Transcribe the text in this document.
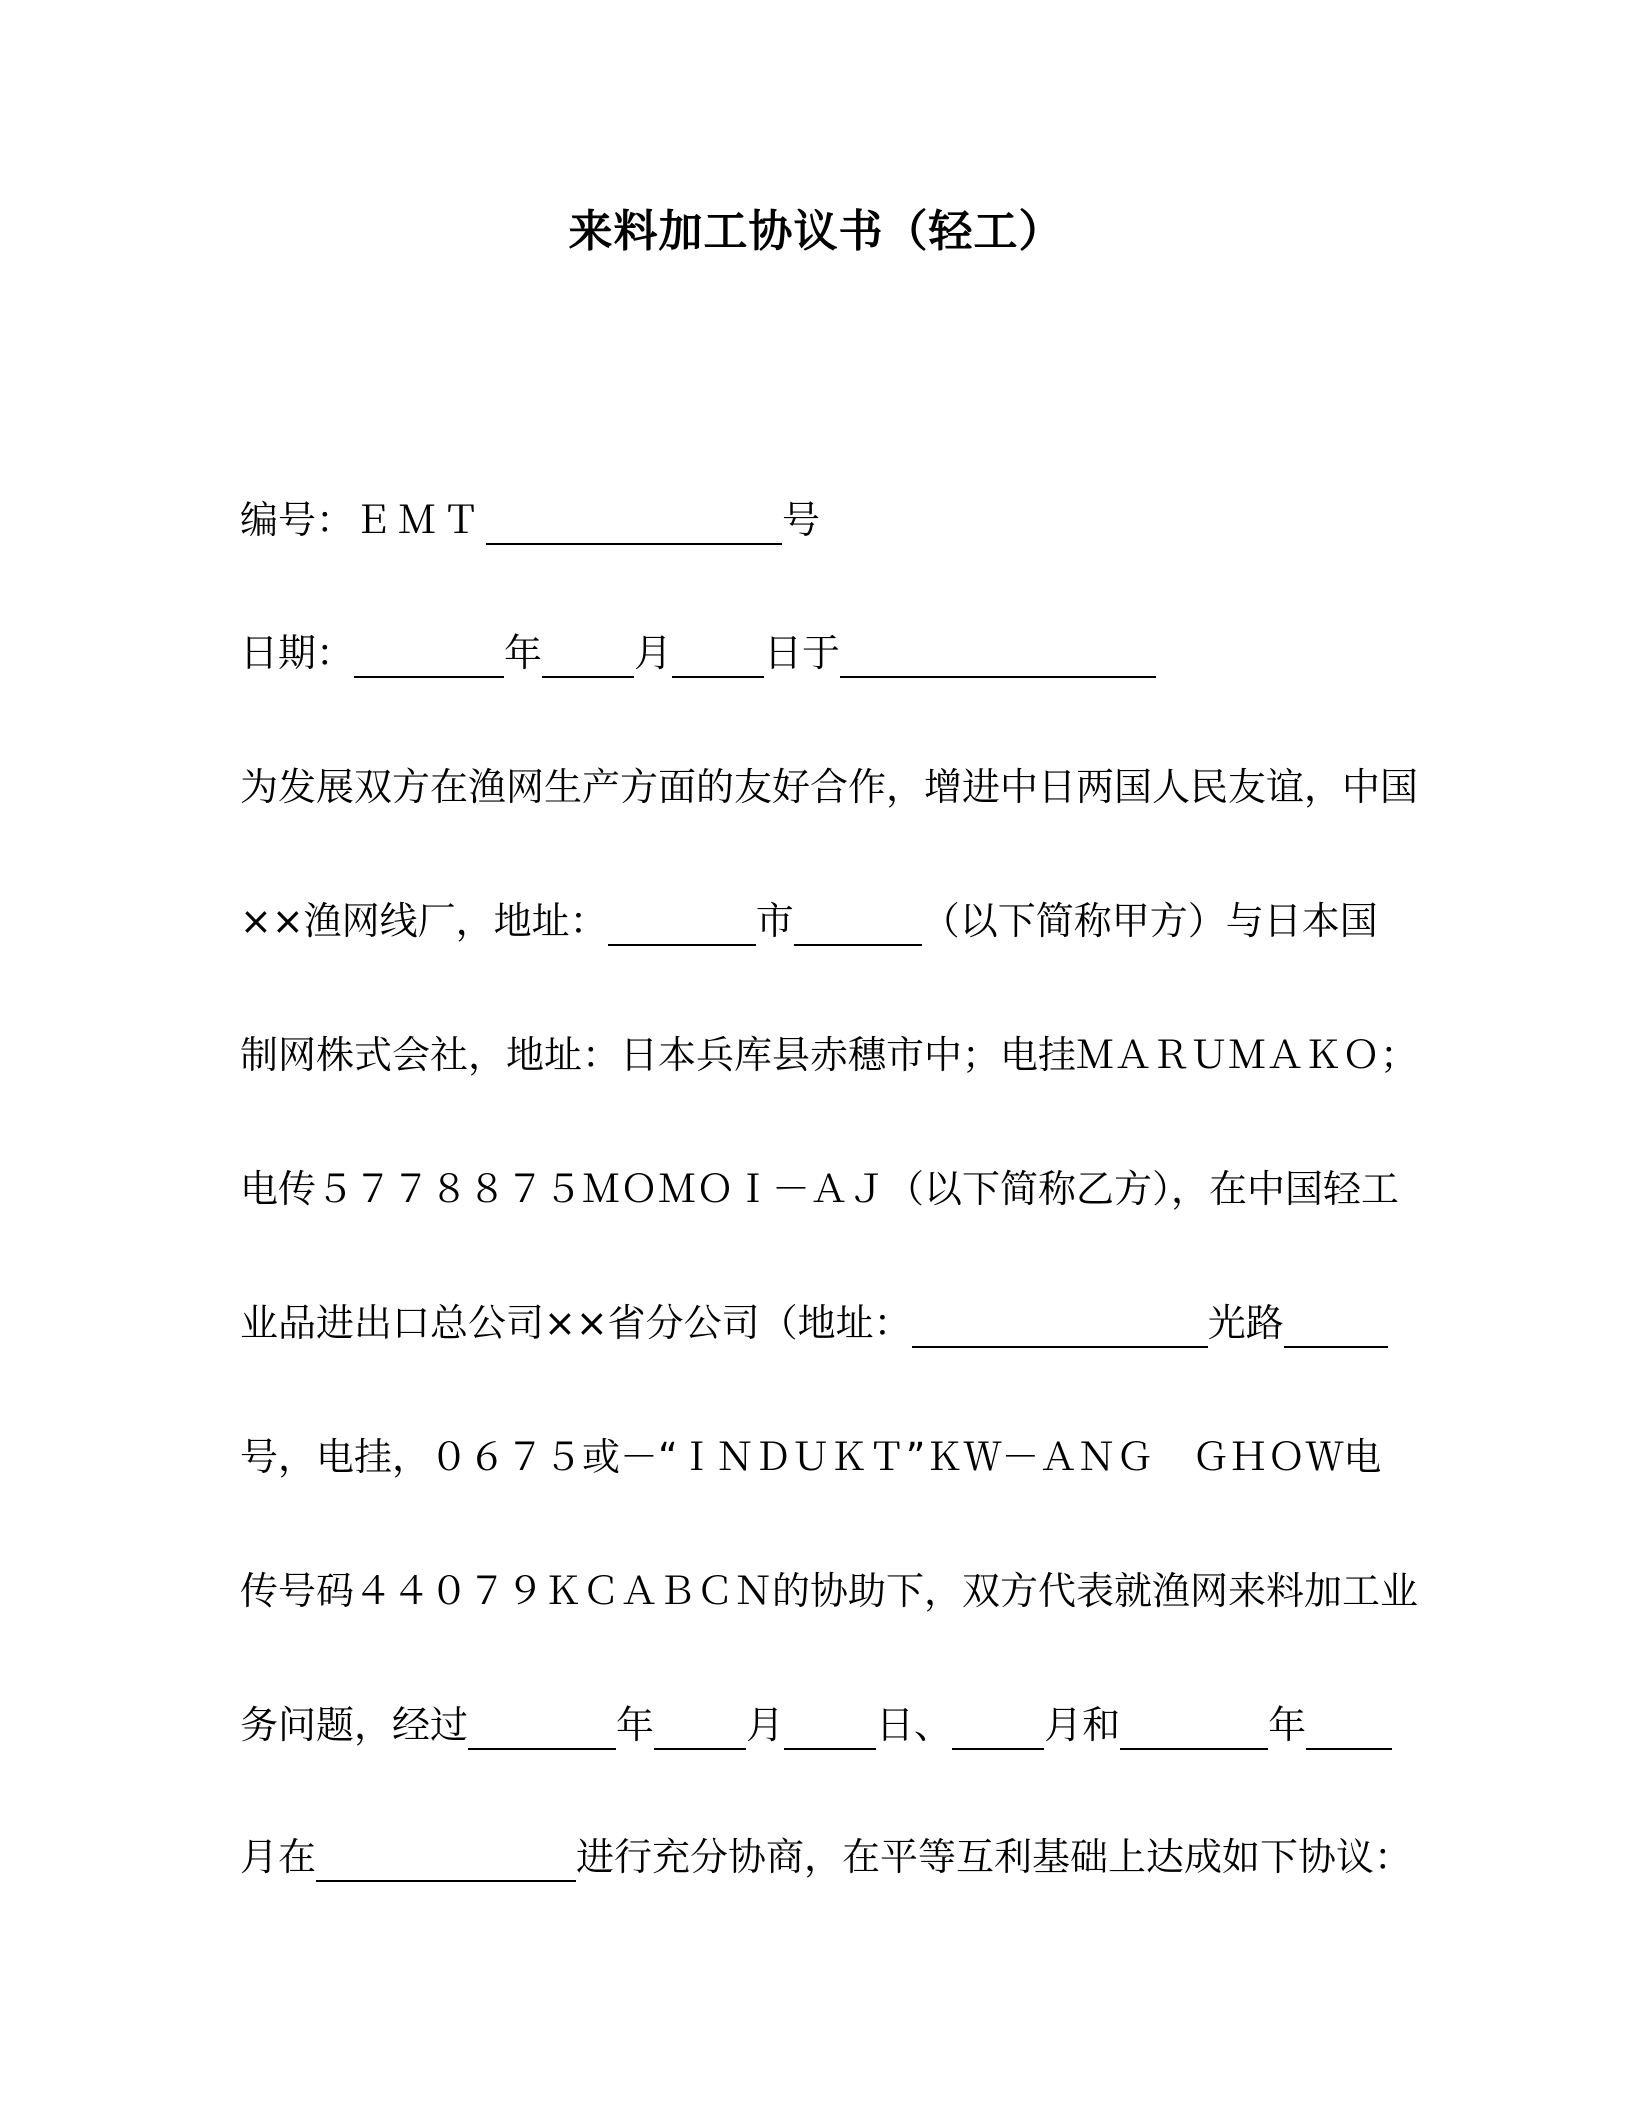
来料加工协议书（轻工）
编号：ＥＭＴ	号
日期：	年 月 日于
为发展双方在渔网生产方面的友好合作，增进中日两国人民友谊，中国
××渔网线厂，地址：	市	（以下简称甲方）与日本国
制网株式会社，地址：日本兵库县赤穗市中；电挂ＭＡＲＵＭＡＫＯ；
电传５７７８８７５ＭＯＭＯＩ－ＡＪ（以下简称乙方），在中国轻工
业品进出口总公司××省分公司（地址：	光路
号，电挂，０６７５或－“ＩＮＤＵＫＴ”ＫＷ－ＡＮＧ　ＧＨＯＷ电
传号码４４０７９ＫＣＡＢＣＮ的协助下，双方代表就渔网来料加工业
务问题，经过	年 月 日、 月和	年
月在	进行充分协商，在平等互利基础上达成如下协议：
